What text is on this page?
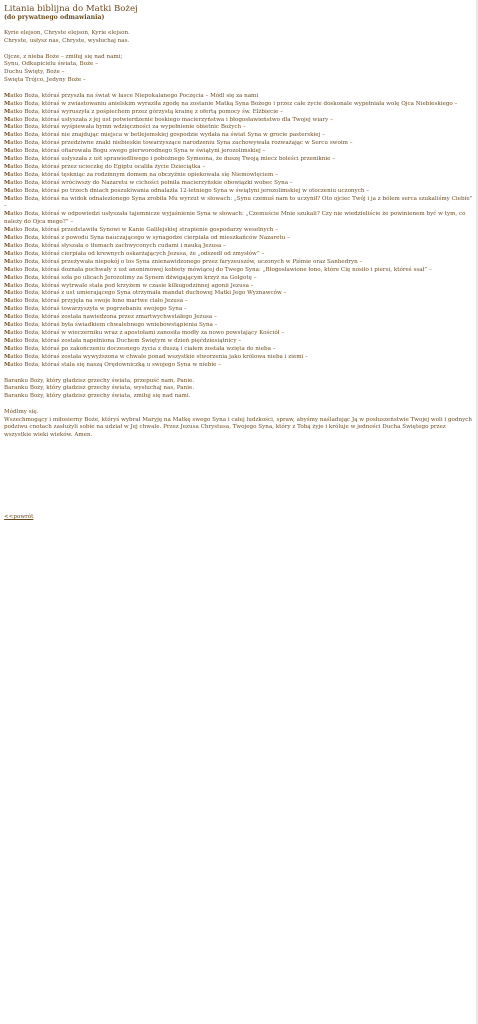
Litania biblijna do Matki Bożej
(do prywatnego odmawiania)
Kyrie elejson, Chryste elejson, Kyrie elejson.
Chryste, usłysz nas, Chryste, wysłuchaj nas.
Ojcze, z nieba Boże – zmiłuj się nad nami;
Synu, Odkupicielu świata, Boże –
Duchu Święty, Boże –
Święta Trójco, Jedyny Boże –
Matko Boża, któraś przyszła na świat w łasce Niepokalanego Poczęcia – Módl się za nami
Matko Boża, któraś w zwiastowaniu anielskim wyraziła zgodę na zostanie Matką Syna Bożego i przez całe życie doskonale wypełniała wolę Ojca Niebieskiego –
Matko Boża, któraś wyruszyła z pośpiechem przez górzystą krainę z ofertą pomocy św. Elżbiecie –
Matko Boża, któraś usłyszała z jej ust potwierdzenie boskiego macierzyństwa i błogosławieństwo dla Twojej wiary –
Matko Boża, któraś wyśpiewała hymn wdzięczności za wypełnienie obietnic Bożych –
Matko Boża, któraś nie znajdując miejsca w betlejemskiej gospodzie wydała na świat Syna w grocie pasterskiej –
Matko Boża, któraś przedziwne znaki niebieskie towarzyszące narodzeniu Syna zachowywała rozważając w Sercu swoim –
Matko Boża, któraś ofiarowała Bogu swego pierworodnego Syna w świątyni jerozolimskiej –
Matko Boża, któraś usłyszała z ust sprawiedliwego i pobożnego Symeona, że duszę Twoją miecz boleści przeniknie –
Matko Boża, któraś przez ucieczkę do Egiptu ocaliła życie Dzieciątka –
Matko Boża, któraś tęskniąc za rodzinnym domem na obczyźnie opiekowała się Niemowlęciem –
Matko Boża, któraś wróciwszy do Nazaretu w cichości pełniła macierzyńskie obowiązki wobec Syna –
Matko Boża, któraś po trzech dniach poszukiwania odnalazła 12-letniego Syna w świątyni jerozolimskiej w otoczeniu uczonych –
Matko Boża, któraś na widok odnalezionego Syna zrobiła Mu wyrzut w słowach: „Synu czemuś nam to uczynił? Oto ojciec Twój i ja z bólem serca szukaliśmy Ciebie” –
Matko Boża, któraś w odpowiedzi usłyszała tajemnicze wyjaśnienie Syna w słowach: „Czemuście Mnie szukali? Czy nie wiedzieliście że powinienem być w tym, co należy do Ojca mego?” –
Matko Boża, któraś przedstawiła Synowi w Kanie Galilejskiej strapienie gospodarzy weselnych –
Matko Boża, któraś z powodu Syna nauczającego w synagodze cierpiała od mieszkańców Nazaretu –
Matko Boża, któraś słyszała o tłumach zachwyconych cudami i nauką Jezusa –
Matko Boża, któraś cierpiała od krewnych oskarżających Jezusa, że „odszedł od zmysłów” –
Matko Boża, któraś przeżywała niepokój o los Syna znienawidzonego przez faryzeuszów, uczonych w Piśmie oraz Sanhedryn –
Matko Boża, któraś doznała pochwały z ust anonimowej kobiety mówiącej do Twego Syna: „Błogosławione łono, które Cię nosiło i piersi, któreś ssał” –
Matko Boża, któraś szła po ulicach Jerozolimy za Synem dźwigającym krzyż na Golgotę –
Matko Boża, któraś wytrwale stała pod krzyżem w czasie kilkugodzinnej agonii Jezusa –
Matko Boża, któraś z ust umierającego Syna otrzymała mandat duchowej Matki Jego Wyznawców –
Matko Boża, któraś przyjęła na swoje łono martwe ciało Jezusa –
Matko Boża, któraś towarzyszyła w pogrzebaniu swojego Syna –
Matko Boża, któraś została nawiedzona przez zmartwychwstałego Jezusa –
Matko Boża, któraś była świadkiem chwalebnego wniebowstąpienia Syna –
Matko Boża, któraś w wieczerniku wraz z apostołami zanosiła modły za nowo powstający Kościół –
Matko Boża, któraś została napełniona Duchem Świętym w dzień pięćdziesiątnicy –
Matko Boża, któraś po zakończeniu doczesnego życia z duszą i ciałem została wzięta do nieba –
Matko Boża, któraś została wywyższona w chwale ponad wszystkie stworzenia jako królowa nieba i ziemi –
Matko Boża, któraś stała się naszą Orędowniczką u swojego Syna w niebie –
Baranku Boży, który gładzisz grzechy świata, przepuść nam, Panie.
Baranku Boży, który gładzisz grzechy świata, wysłuchaj nas, Panie.
Baranku Boży, który gładzisz grzechy świata, zmiłuj się nad nami.
Módlmy się.
Wszechmogący i miłosierny Boże, któryś wybrał Maryję na Matkę swego Syna i całej ludzkości, spraw, abyśmy naśladując Ją w posłuszeństwie Twojej woli i godnych podziwu cnotach zasłużyli sobie na udział w Jej chwale. Przez Jezusa Chrystusa, Twojego Syna, który z Tobą żyje i króluje w jedności Ducha Świętego przez wszystkie wieki wieków. Amen.
<<powrót
